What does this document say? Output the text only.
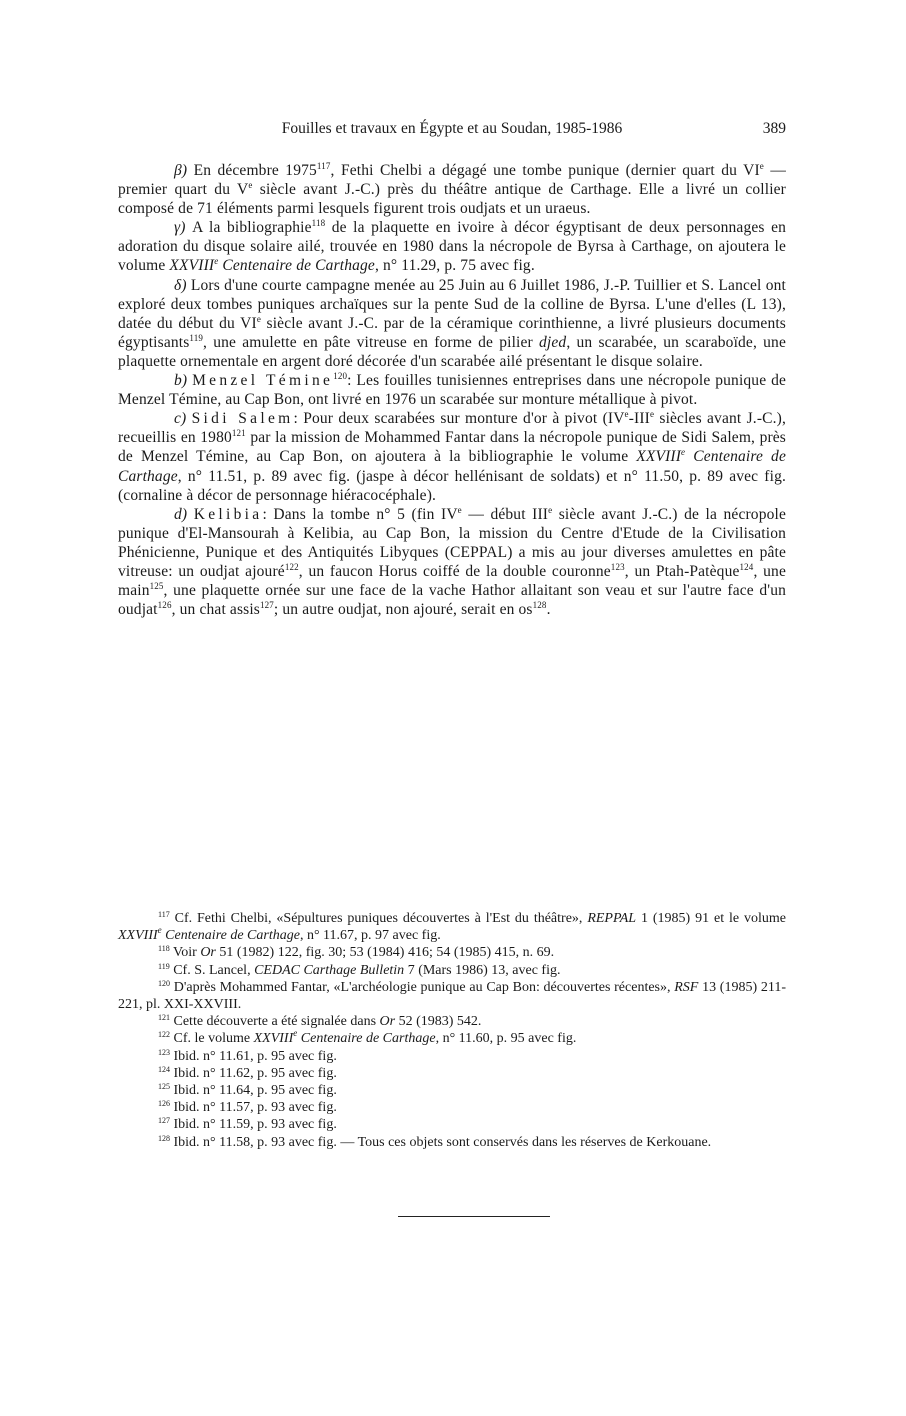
Fouilles et travaux en Égypte et au Soudan, 1985-1986	389

β) En décembre 1975$^{117}$, Fethi Chelbi a dégagé une tombe punique (dernier quart du VIe — premier quart du Ve siècle avant J.-C.) près du théâtre antique de Carthage. Elle a livré un collier composé de 71 éléments parmi lesquels figurent trois oudjats et un uraeus.

γ) A la bibliographie$^{118}$ de la plaquette en ivoire à décor égyptisant de deux personnages en adoration du disque solaire ailé, trouvée en 1980 dans la nécropole de Byrsa à Carthage, on ajoutera le volume XXVIIIe Centenaire de Carthage, n° 11.29, p. 75 avec fig.

δ) Lors d'une courte campagne menée au 25 Juin au 6 Juillet 1986, J.-P. Tuillier et S. Lancel ont exploré deux tombes puniques archaïques sur la pente Sud de la colline de Byrsa. L'une d'elles (L 13), datée du début du VIe siècle avant J.-C. par de la céramique corinthienne, a livré plusieurs documents égyptisants$^{119}$, une amulette en pâte vitreuse en forme de pilier djed, un scarabée, un scaraboïde, une plaquette ornementale en argent doré décorée d'un scarabée ailé présentant le disque solaire.

b) Menzel Témine$^{120}$: Les fouilles tunisiennes entreprises dans une nécropole punique de Menzel Témine, au Cap Bon, ont livré en 1976 un scarabée sur monture métallique à pivot.

c) Sidi Salem: Pour deux scarabées sur monture d'or à pivot (IVe-IIIe siècles avant J.-C.), recueillis en 1980$^{121}$ par la mission de Mohammed Fantar dans la nécropole punique de Sidi Salem, près de Menzel Témine, au Cap Bon, on ajoutera à la bibliographie le volume XXVIIIe Centenaire de Carthage, n° 11.51, p. 89 avec fig. (jaspe à décor hellénisant de soldats) et n° 11.50, p. 89 avec fig. (cornaline à décor de personnage hiéracocéphale).

d) Kelibia: Dans la tombe n° 5 (fin IVe — début IIIe siècle avant J.-C.) de la nécropole punique d'El-Mansourah à Kelibia, au Cap Bon, la mission du Centre d'Etude de la Civilisation Phénicienne, Punique et des Antiquités Libyques (CEPPAL) a mis au jour diverses amulettes en pâte vitreuse: un oudjat ajouré$^{122}$, un faucon Horus coiffé de la double couronne$^{123}$, un Ptah-Patèque$^{124}$, une main$^{125}$, une plaquette ornée sur une face de la vache Hathor allaitant son veau et sur l'autre face d'un oudjat$^{126}$, un chat assis$^{127}$; un autre oudjat, non ajouré, serait en $os^{128}$.

$^{117}$ Cf. Fethi Chelbi, «Sépultures puniques découvertes à l'Est du théâtre», REPPAL 1 (1985) 91 et le volume XXVIIIe Centenaire de Carthage, n° 11.67, p. 97 avec fig.

$^{118}$ Voir Or 51 (1982) 122, fig. 30; 53 (1984) 416; 54 (1985) 415, n. 69.

$^{119}$ Cf. S. Lancel, CEDAC Carthage Bulletin 7 (Mars 1986) 13, avec fig.

$^{120}$ D'après Mohammed Fantar, «L'archéologie punique au Cap Bon: découvertes récentes», RSF 13 (1985) 211-221, pl. XXI-XXVIII.

$^{121}$ Cette découverte a été signalée dans Or 52 (1983) 542.

$^{122}$ Cf. le volume XXVIIIe Centenaire de Carthage, n° 11.60, p. 95 avec fig.

$^{123}$ Ibid. n° 11.61, p. 95 avec fig.

$^{124}$ Ibid. n° 11.62, p. 95 avec fig.

$^{125}$ Ibid. n° 11.64, p. 95 avec fig.

$^{126}$ Ibid. n° 11.57, p. 93 avec fig.

$^{127}$ Ibid. n° 11.59, p. 93 avec fig.

$^{128}$ Ibid. n° 11.58, p. 93 avec fig. — Tous ces objets sont conservés dans les réserves de Kerkouane.
